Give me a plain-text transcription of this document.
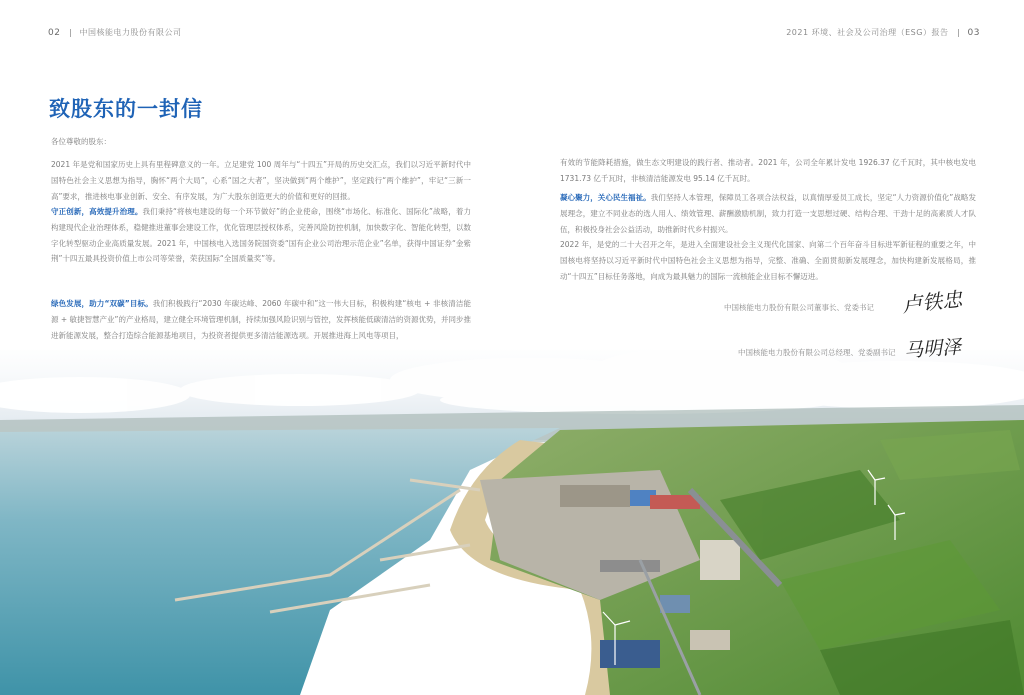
02 中国核能电力股份有限公司
致股东的一封信
各位尊敬的股东：
2021 年是党和国家历史上具有里程碑意义的一年。立足建党 100 周年与“十四五”开局的历史交汇点，我们以习近平新时代中国特色社会主义思想为指导，胸怀“两个大局”，心系“国之大者”，坚决做到“两个维护”，坚定践行“两个维护”，牢记“三新一高”要求，推进核电事业创新、安全、有序发展，为广大股东创造更大的价值和更好的回报。
守正创新，高效提升治理。我们秉持“将核电建设的每一个环节做好”的企业使命，围绕“市场化、标准化、国际化”战略，着力构建现代企业治理体系，稳健推进董事会建设工作，优化管理层授权体系，完善风险防控机制，加快数字化、智能化转型，以数字化转型驱动企业高质量发展。2021 年，中国核电入选国务院国资委“国有企业公司治理示范企业”名单，获得中国证券“金紫荆”十四五最具投资价值上市公司等荣誉，荣获国际“全国质量奖”等。
绿色发展，助力“双碳”目标。我们积极践行“2030 年碳达峰、2060 年碳中和”这一伟大目标，积极构建“核电 + 非核清洁能源 + 敏捷智慧产业”的产业格局，建立健全环境管理机制，持续加强风险识别与管控，发挥核能低碳清洁的资源优势，并同步推进新能源发展，整合打造综合能源基地项目，为投资者提供更多清洁能源选项。开展推进海上风电等项目，
2021 环境、社会及公司治理（ESG）报告 03
有效的节能降耗措施，做生态文明建设的践行者、推动者。2021 年，公司全年累计发电 1926.37 亿千瓦时，其中核电发电 1731.73 亿千瓦时，非核清洁能源发电 95.14 亿千瓦时。
凝心聚力，关心民生福祉。我们坚持人本管理，保障员工各项合法权益，以真情厚爱员工成长，坚定“人力资源价值化”战略发展理念，建立不同业态的选人用人、绩效管理、薪酬激励机制，致力打造一支思想过硬、结构合理、干劲十足的高素质人才队伍，积极投身社会公益活动，助推新时代乡村振兴。
2022 年，是党的二十大召开之年，是进入全面建设社会主义现代化国家、向第二个百年奋斗目标进军新征程的重要之年，中国核电将坚持以习近平新时代中国特色社会主义思想为指导，完整、准确、全面贯彻新发展理念，加快构建新发展格局，推动“十四五”目标任务落地，向成为最具魅力的国际一流核能企业目标不懈迈进。
中国核能电力股份有限公司董事长、党委书记 卢铁忠
中国核能电力股份有限公司总经理、党委副书记 马明泽
